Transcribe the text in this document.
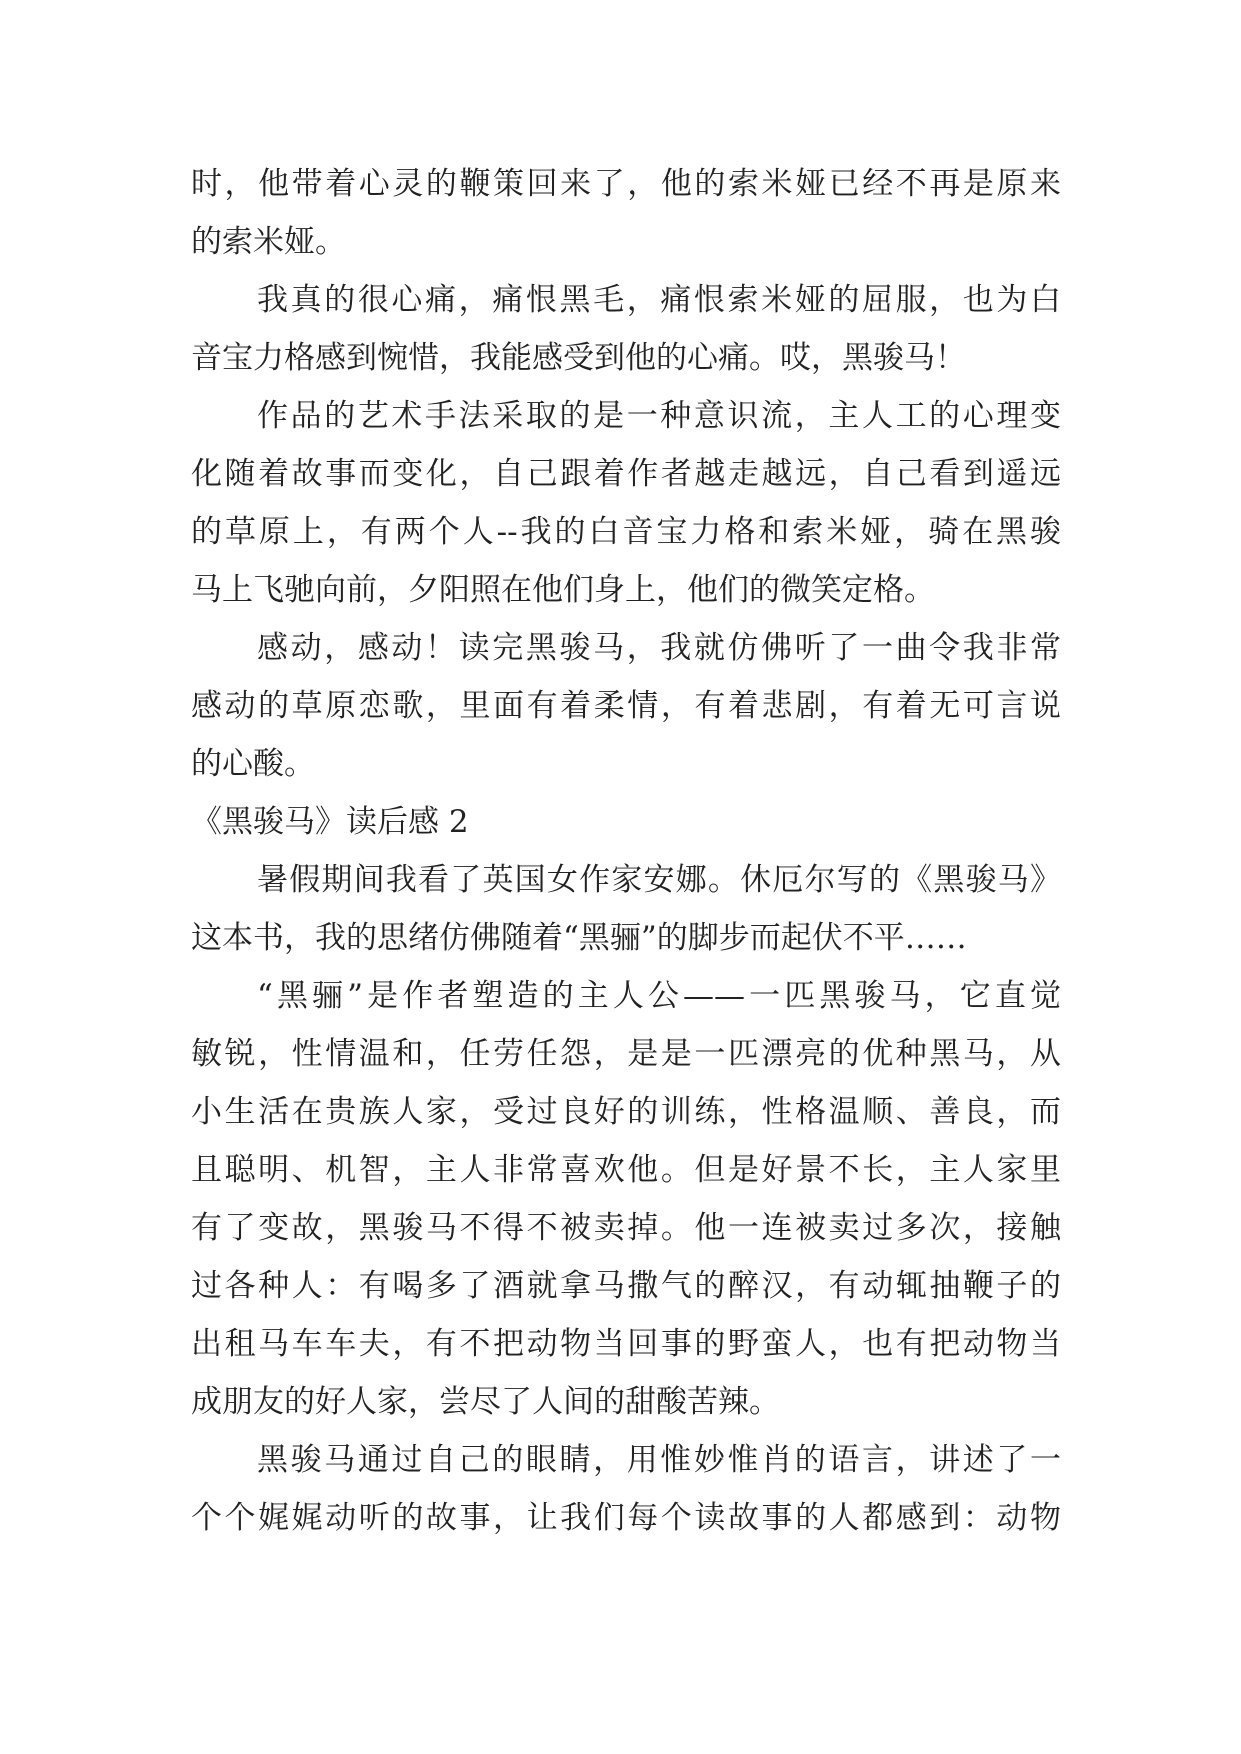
时，他带着心灵的鞭策回来了，他的索米娅已经不再是原来
的索米娅。
我真的很心痛，痛恨黑毛，痛恨索米娅的屈服，也为白
音宝力格感到惋惜，我能感受到他的心痛。哎，黑骏马！
作品的艺术手法采取的是一种意识流，主人工的心理变
化随着故事而变化，自己跟着作者越走越远，自己看到遥远
的草原上，有两个人--我的白音宝力格和索米娅，骑在黑骏
马上飞驰向前，夕阳照在他们身上，他们的微笑定格。
感动，感动！读完黑骏马，我就仿佛听了一曲令我非常
感动的草原恋歌，里面有着柔情，有着悲剧，有着无可言说
的心酸。
《黑骏马》读后感 2
暑假期间我看了英国女作家安娜。休厄尔写的《黑骏马》
这本书，我的思绪仿佛随着“黑骊”的脚步而起伏不平……
“黑骊”是作者塑造的主人公——一匹黑骏马，它直觉
敏锐，性情温和，任劳任怨，是是一匹漂亮的优种黑马，从
小生活在贵族人家，受过良好的训练，性格温顺、善良，而
且聪明、机智，主人非常喜欢他。但是好景不长，主人家里
有了变故，黑骏马不得不被卖掉。他一连被卖过多次，接触
过各种人：有喝多了酒就拿马撒气的醉汉，有动辄抽鞭子的
出租马车车夫，有不把动物当回事的野蛮人，也有把动物当
成朋友的好人家，尝尽了人间的甜酸苦辣。
黑骏马通过自己的眼睛，用惟妙惟肖的语言，讲述了一
个个娓娓动听的故事，让我们每个读故事的人都感到：动物
